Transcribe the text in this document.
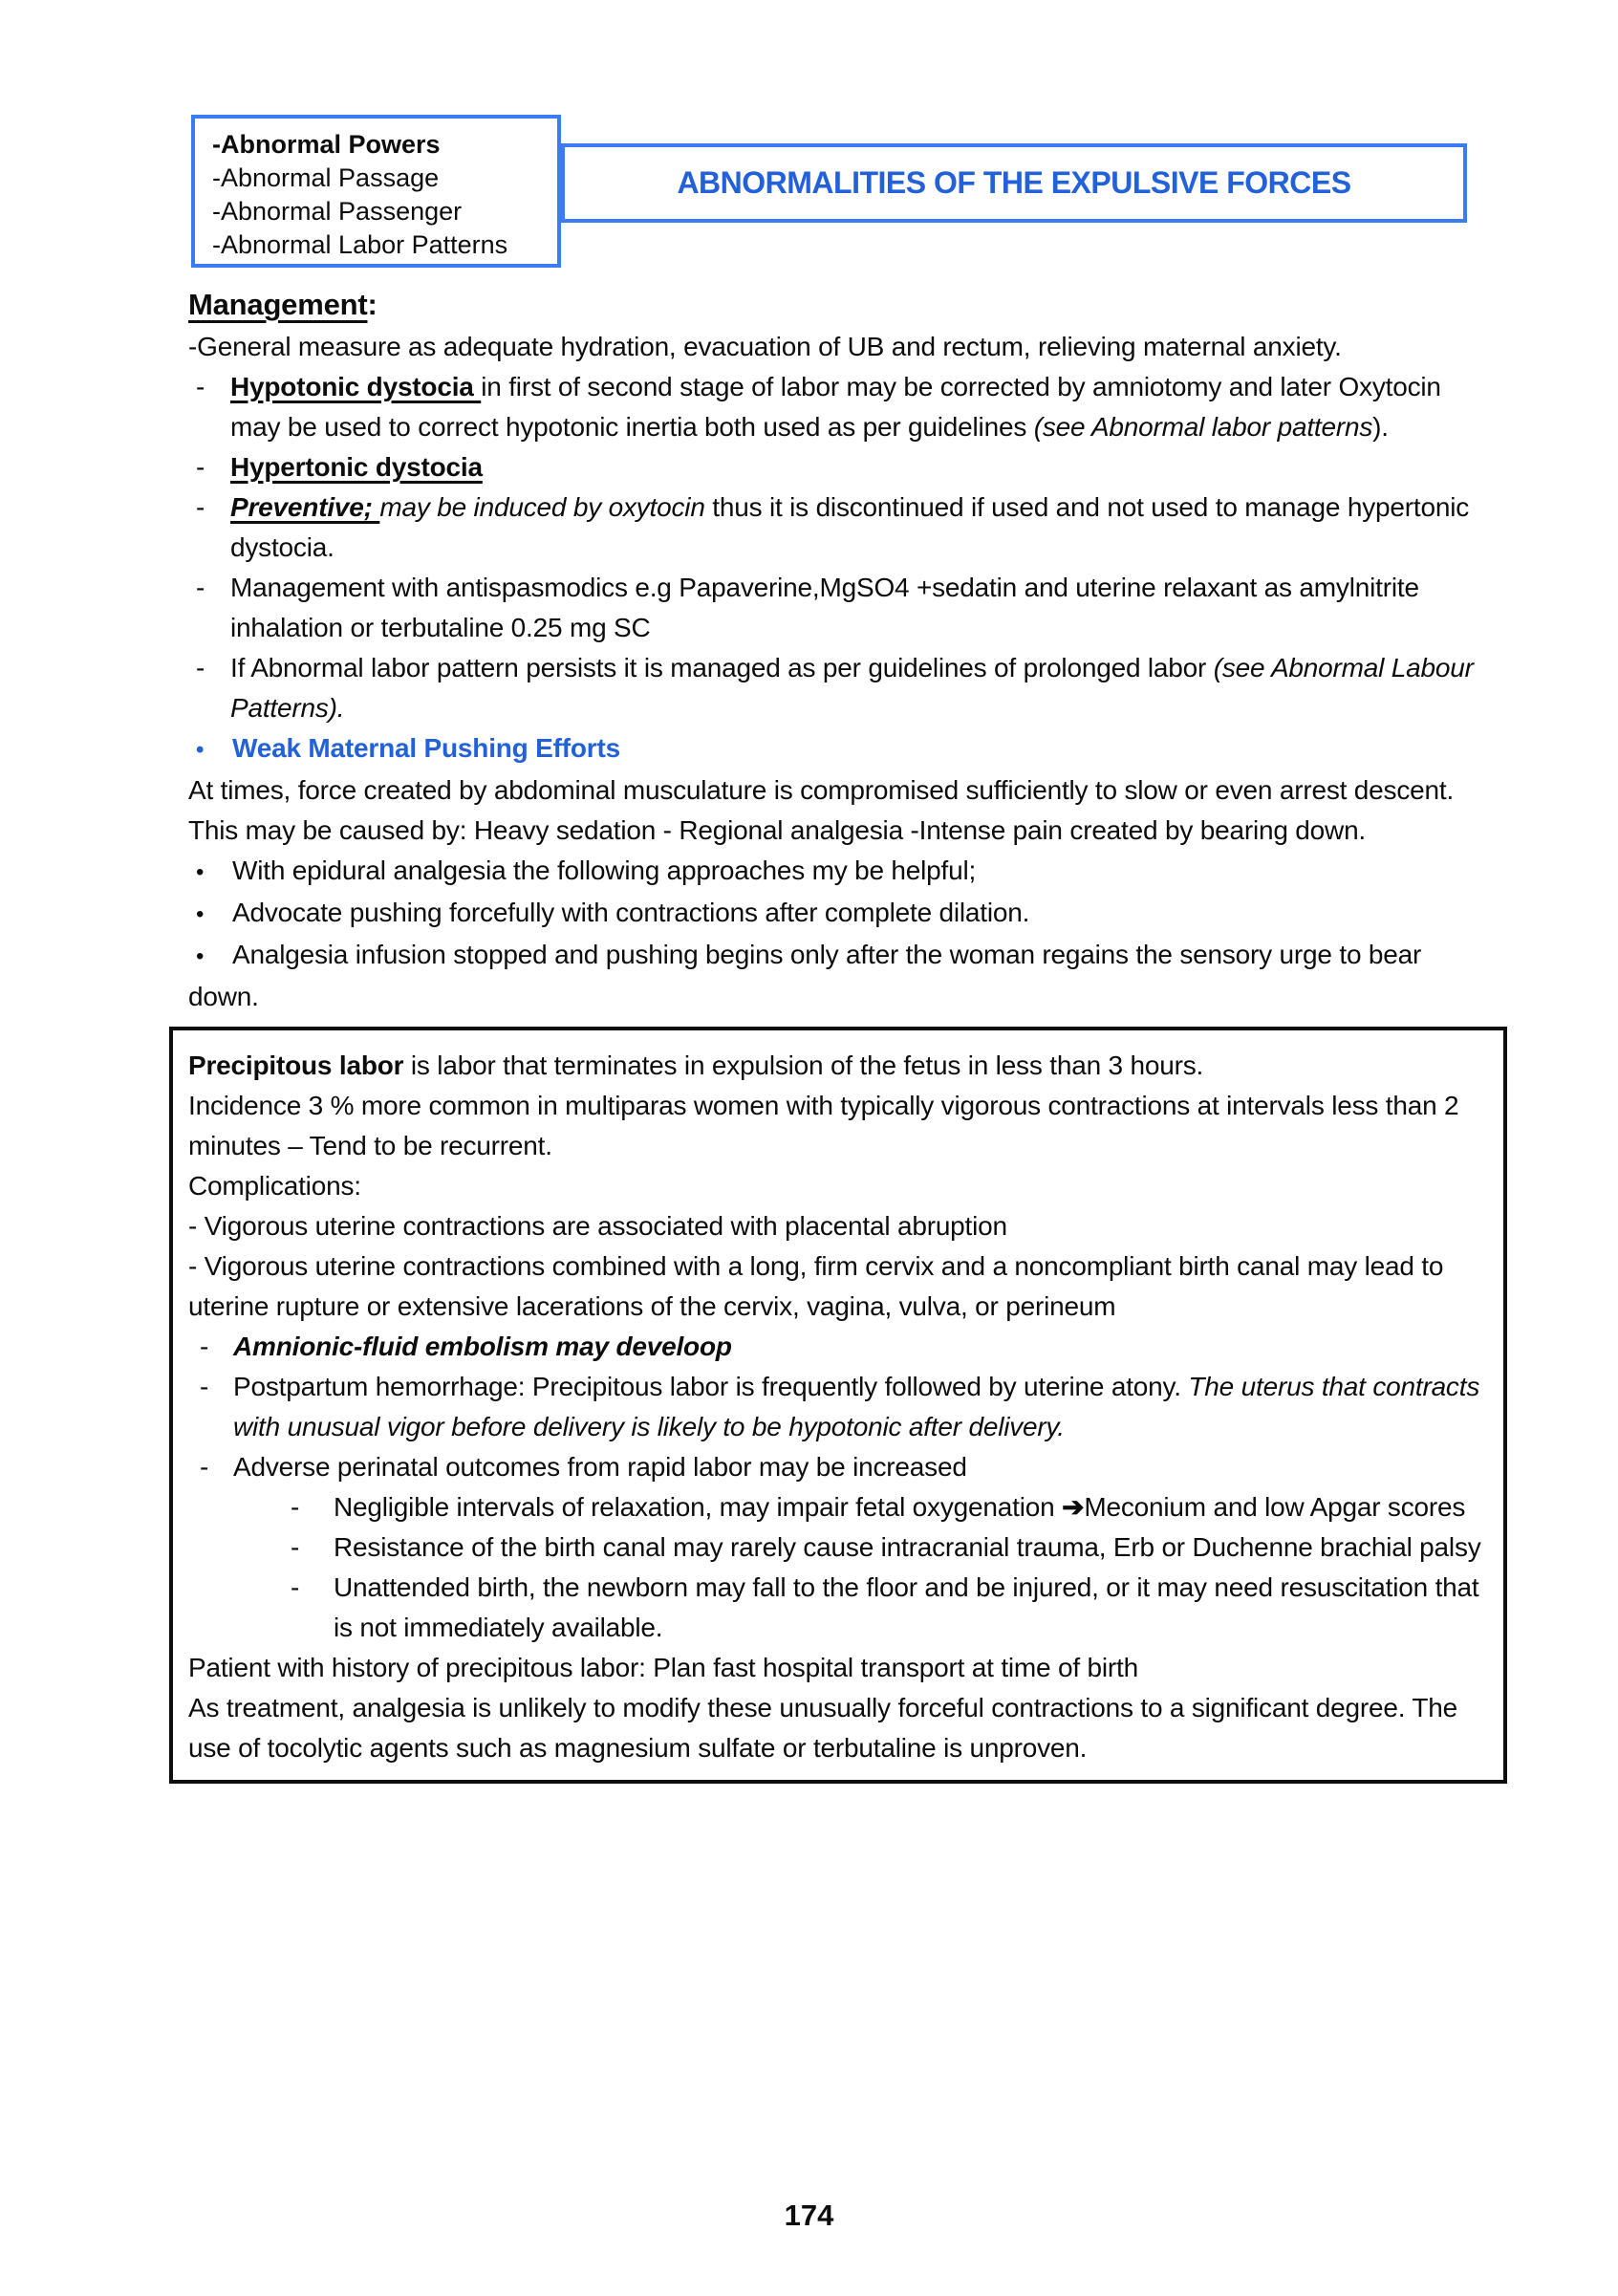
-Abnormal Powers
-Abnormal Passage
-Abnormal Passenger
-Abnormal Labor Patterns
ABNORMALITIES OF THE EXPULSIVE FORCES
Management:

-General measure as adequate hydration, evacuation of UB and rectum, relieving maternal anxiety.

- Hypotonic dystocia in first of second stage of labor may be corrected by amniotomy and later Oxytocin may be used to correct hypotonic inertia both used as per guidelines (see Abnormal labor patterns).
- Hypertonic dystocia
- Preventive; may be induced by oxytocin thus it is discontinued if used and not used to manage hypertonic dystocia.
- Management with antispasmodics e.g Papaverine,MgSO4 +sedatin and uterine relaxant as amylnitrite inhalation or terbutaline 0.25 mg SC
- If Abnormal labor pattern persists it is managed as per guidelines of prolonged labor (see Abnormal Labour Patterns).
• Weak Maternal Pushing Efforts

At times, force created by abdominal musculature is compromised sufficiently to slow or even arrest descent.

This may be caused by: Heavy sedation - Regional analgesia -Intense pain created by bearing down.

• With epidural analgesia the following approaches my be helpful;

• Advocate pushing forcefully with contractions after complete dilation.

• Analgesia infusion stopped and pushing begins only after the woman regains the sensory urge to bear down.

Precipitous labor is labor that terminates in expulsion of the fetus in less than 3 hours.

Incidence 3 % more common in multiparas women with typically vigorous contractions at intervals less than 2 minutes – Tend to be recurrent.

Complications:

- Vigorous uterine contractions are associated with placental abruption

- Vigorous uterine contractions combined with a long, firm cervix and a noncompliant birth canal may lead to uterine rupture or extensive lacerations of the cervix, vagina, vulva, or perineum

- Amnionic-fluid embolism may develoop
- Postpartum hemorrhage: Precipitous labor is frequently followed by uterine atony. The uterus that contracts with unusual vigor before delivery is likely to be hypotonic after delivery.
- Adverse perinatal outcomes from rapid labor may be increased
- Negligible intervals of relaxation, may impair fetal oxygenation ➔Meconium and low Apgar scores
- Resistance of the birth canal may rarely cause intracranial trauma, Erb or Duchenne brachial palsy
- Unattended birth, the newborn may fall to the floor and be injured, or it may need resuscitation that is not immediately available.

Patient with history of precipitous labor: Plan fast hospital transport at time of birth

As treatment, analgesia is unlikely to modify these unusually forceful contractions to a significant degree. The use of tocolytic agents such as magnesium sulfate or terbutaline is unproven.

174
